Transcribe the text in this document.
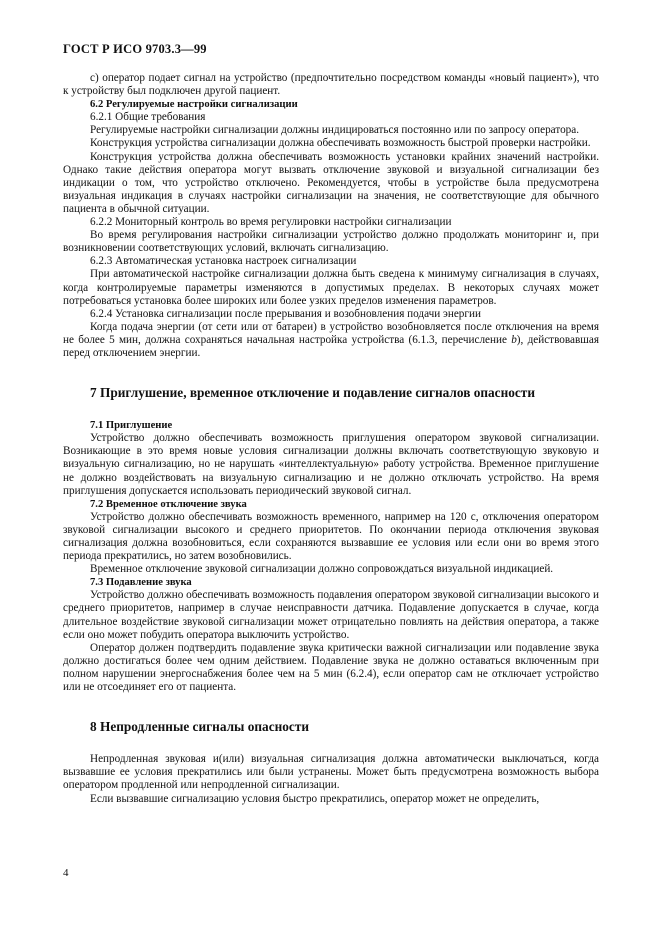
ГОСТ Р ИСО 9703.3—99

c) оператор подает сигнал на устройство (предпочтительно посредством команды «новый пациент»), что к устройству был подключен другой пациент.

6.2 Регулируемые настройки сигнализации
6.2.1 Общие требования

Регулируемые настройки сигнализации должны индицироваться постоянно или по запросу оператора.

Конструкция устройства сигнализации должна обеспечивать возможность быстрой проверки настройки.

Конструкция устройства должна обеспечивать возможность установки крайних значений настройки. Однако такие действия оператора могут вызвать отключение звуковой и визуальной сигнализации без индикации о том, что устройство отключено. Рекомендуется, чтобы в устройстве была предусмотрена визуальная индикация в случаях настройки сигнализации на значения, не соответствующие для обычного пациента в обычной ситуации.

6.2.2 Мониторный контроль во время регулировки настройки сигнализации

Во время регулирования настройки сигнализации устройство должно продолжать мониторинг и, при возникновении соответствующих условий, включать сигнализацию.

6.2.3 Автоматическая установка настроек сигнализации

При автоматической настройке сигнализации должна быть сведена к минимуму сигнализация в случаях, когда контролируемые параметры изменяются в допустимых пределах. В некоторых случаях может потребоваться установка более широких или более узких пределов изменения параметров.

6.2.4 Установка сигнализации после прерывания и возобновления подачи энергии

Когда подача энергии (от сети или от батареи) в устройство возобновляется после отключения на время не более 5 мин, должна сохраняться начальная настройка устройства (6.1.3, перечисление b), действовавшая перед отключением энергии.

7 Приглушение, временное отключение и подавление сигналов опасности
7.1 Приглушение

Устройство должно обеспечивать возможность приглушения оператором звуковой сигнализации. Возникающие в это время новые условия сигнализации должны включать соответствующую звуковую и визуальную сигнализацию, но не нарушать «интеллектуальную» работу устройства. Временное приглушение не должно воздействовать на визуальную сигнализацию и не должно отключать устройство. На время приглушения допускается использовать периодический звуковой сигнал.

7.2 Временное отключение звука

Устройство должно обеспечивать возможность временного, например на 120 с, отключения оператором звуковой сигнализации высокого и среднего приоритетов. По окончании периода отключения звуковая сигнализация должна возобновиться, если сохраняются вызвавшие ее условия или если они во время этого периода прекратились, но затем возобновились.

Временное отключение звуковой сигнализации должно сопровождаться визуальной индикацией.

7.3 Подавление звука

Устройство должно обеспечивать возможность подавления оператором звуковой сигнализации высокого и среднего приоритетов, например в случае неисправности датчика. Подавление допускается в случае, когда длительное воздействие звуковой сигнализации может отрицательно повлиять на действия оператора, а также если оно может побудить оператора выключить устройство.

Оператор должен подтвердить подавление звука критически важной сигнализации или подавление звука должно достигаться более чем одним действием. Подавление звука не должно оставаться включенным при полном нарушении энергоснабжения более чем на 5 мин (6.2.4), если оператор сам не отключает устройство или не отсоединяет его от пациента.

8 Непродленные сигналы опасности

Непродленная звуковая и(или) визуальная сигнализация должна автоматически выключаться, когда вызвавшие ее условия прекратились или были устранены. Может быть предусмотрена возможность выбора оператором продленной или непродленной сигнализации.

Если вызвавшие сигнализацию условия быстро прекратились, оператор может не определить,

4
